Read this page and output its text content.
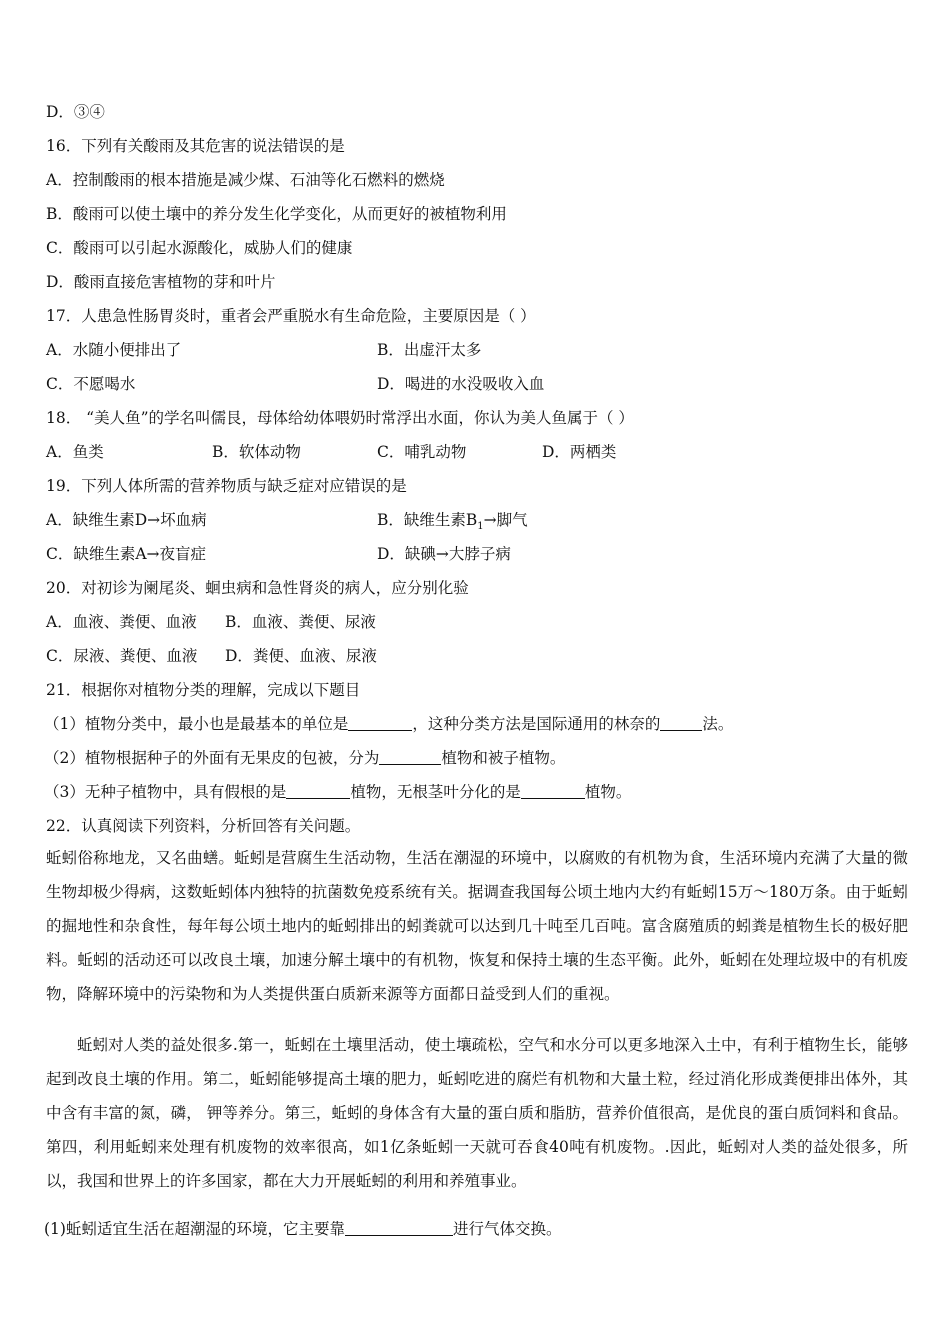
D．③④
16．下列有关酸雨及其危害的说法错误的是
A．控制酸雨的根本措施是减少煤、石油等化石燃料的燃烧
B．酸雨可以使土壤中的养分发生化学变化，从而更好的被植物利用
C．酸雨可以引起水源酸化，威胁人们的健康
D．酸雨直接危害植物的芽和叶片
17．人患急性肠胃炎时，重者会严重脱水有生命危险，主要原因是（ ）
A．水随小便排出了	B．出虚汗太多
C．不愿喝水	D．喝进的水没吸收入血
18． “美人鱼”的学名叫儒艮，母体给幼体喂奶时常浮出水面，你认为美人鱼属于（ ）
A．鱼类	B．软体动物	C．哺乳动物	D．两栖类
19．下列人体所需的营养物质与缺乏症对应错误的是
A．缺维生素D→坏血病	B．缺维生素$B_1\to$脚气
C．缺维生素A→夜盲症	D．缺碘→大脖子病
20．对初诊为阑尾炎、蛔虫病和急性肾炎的病人，应分别化验
A．血液、粪便、血液 B．血液、粪便、尿液
C．尿液、粪便、血液 D．粪便、血液、尿液
21．根据你对植物分类的理解，完成以下题目
（1）植物分类中，最小也是最基本的单位是	，这种分类方法是国际通用的林奈的	法。
（2）植物根据种子的外面有无果皮的包被，分为	植物和被子植物。
（3）无种子植物中，具有假根的是	植物，无根茎叶分化的是	植物。
22．认真阅读下列资料，分析回答有关问题。
蚯蚓俗称地龙，又名曲蟮。蚯蚓是营腐生生活动物，生活在潮湿的环境中，以腐败的有机物为食，生活环境内充满了大量的微生物却极少得病，这数蚯蚓体内独特的抗菌数免疫系统有关。据调查我国每公顷土地内大约有蚯蚓15万～180万条。由于蚯蚓的掘地性和杂食性，每年每公顷土地内的蚯蚓排出的蚓粪就可以达到几十吨至几百吨。富含腐殖质的蚓粪是植物生长的极好肥料。蚯蚓的活动还可以改良土壤，加速分解土壤中的有机物，恢复和保持土壤的生态平衡。此外，蚯蚓在处理垃圾中的有机废物，降解环境中的污染物和为人类提供蛋白质新来源等方面都日益受到人们的重视。
蚯蚓对人类的益处很多.第一，蚯蚓在土壤里活动，使土壤疏松，空气和水分可以更多地深入土中，有利于植物生长，能够起到改良土壤的作用。第二，蚯蚓能够提高土壤的肥力，蚯蚓吃进的腐烂有机物和大量土粒，经过消化形成粪便排出体外，其中含有丰富的氮，磷， 钾等养分。第三，蚯蚓的身体含有大量的蛋白质和脂肪，营养价值很高，是优良的蛋白质饲料和食品。第四，利用蚯蚓来处理有机废物的效率很高，如1亿条蚯蚓一天就可吞食40吨有机废物。.因此，蚯蚓对人类的益处很多，所以，我国和世界上的许多国家，都在大力开展蚯蚓的利用和养殖事业。
(1)蚯蚓适宜生活在超潮湿的环境，它主要靠	进行气体交换。
